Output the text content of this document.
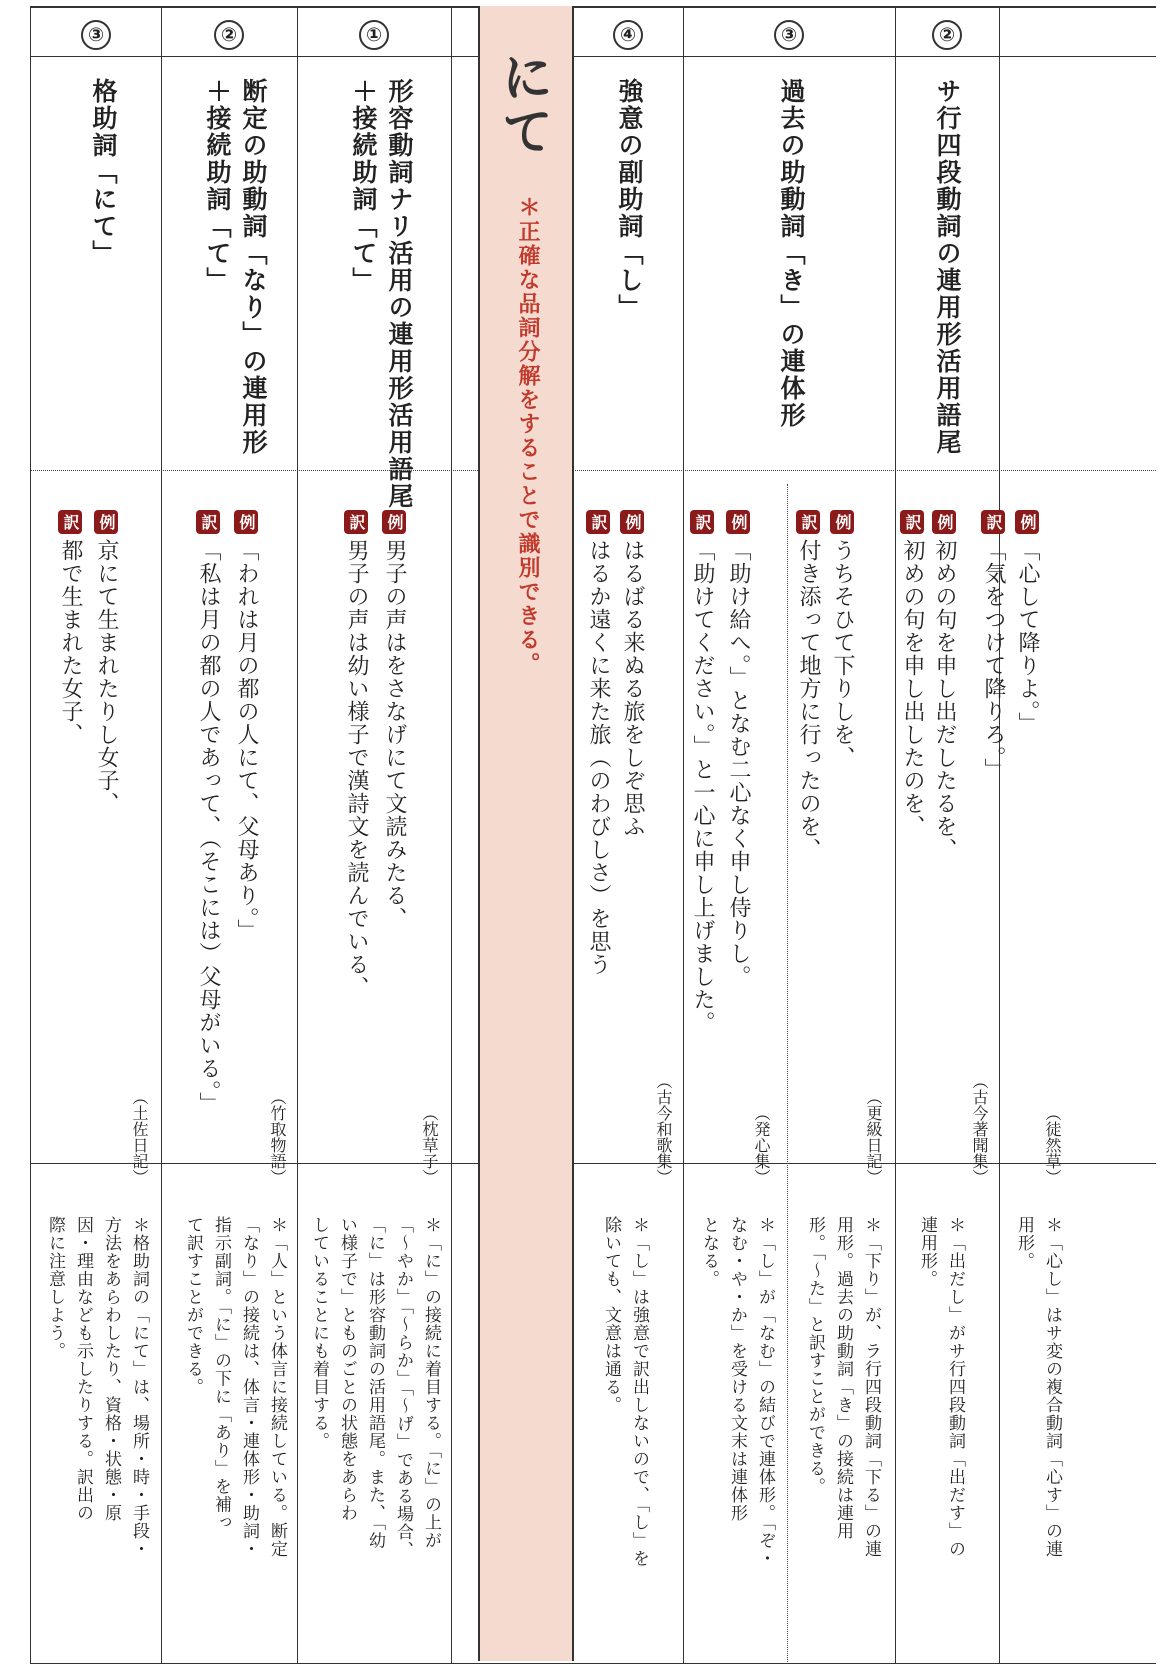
③

格助詞「にて」

例京にて生まれたりし女子、

訳都で生まれた女子、

（土佐日記）

＊格助詞の「にて」は、場所・時・手段・
方法をあらわしたり、資格・状態・原
因・理由なども示したりする。訳出の
際に注意しよう。

②

断定の助動詞「なり」の連用形
＋接続助詞「て」

例「われは月の都の人にて、父母あり。」

訳「私は月の都の人であって、（そこには）父母がいる。」

（竹取物語）

＊「人」という体言に接続している。断定
「なり」の接続は、体言・連体形・助詞・
指示副詞。「に」の下に「あり」を補っ
て訳すことができる。

①

形容動詞ナリ活用の連用形活用語尾
＋接続助詞「て」

例男子の声はをさなげにて文読みたる、

訳男子の声は幼い様子で漢詩文を読んでいる、

（枕草子）

＊「に」の接続に着目する。「に」の上が
「～やか」「～らか」「～げ」である場合、
「に」は形容動詞の活用語尾。また、「幼
い様子で」とものごとの状態をあらわ
していることにも着目する。

④

強意の副助詞「し」

例はるばる来ぬる旅をしぞ思ふ

訳はるか遠くに来た旅（のわびしさ）を思う

（古今和歌集）

＊「し」は強意で訳出しないので、「し」を
除いても、文意は通る。

③

過去の助動詞「き」の連体形

例「助け給へ。」となむ二心なく申し侍りし。

訳「助けてください。」と一心に申し上げました。

（発心集）

＊「し」が「なむ」の結びで連体形。「ぞ・
なむ・や・か」を受ける文末は連体形
となる。

例うちそひて下りしを、

訳付き添って地方に行ったのを、

（更級日記）

＊「下り」が、ラ行四段動詞「下る」の連
用形。過去の助動詞「き」の接続は連用
形。「～た」と訳すことができる。

②

サ行四段動詞の連用形活用語尾

例初めの句を申し出だしたるを、

訳初めの句を申し出したのを、

（古今著聞集）

＊「出だし」がサ行四段動詞「出だす」の
連用形。

例「心して降りよ。」

訳「気をつけて降りろ。」

（徒然草）

＊「心し」はサ変の複合動詞「心す」の連
用形。

にて

＊正確な品詞分解をすることで識別できる。
